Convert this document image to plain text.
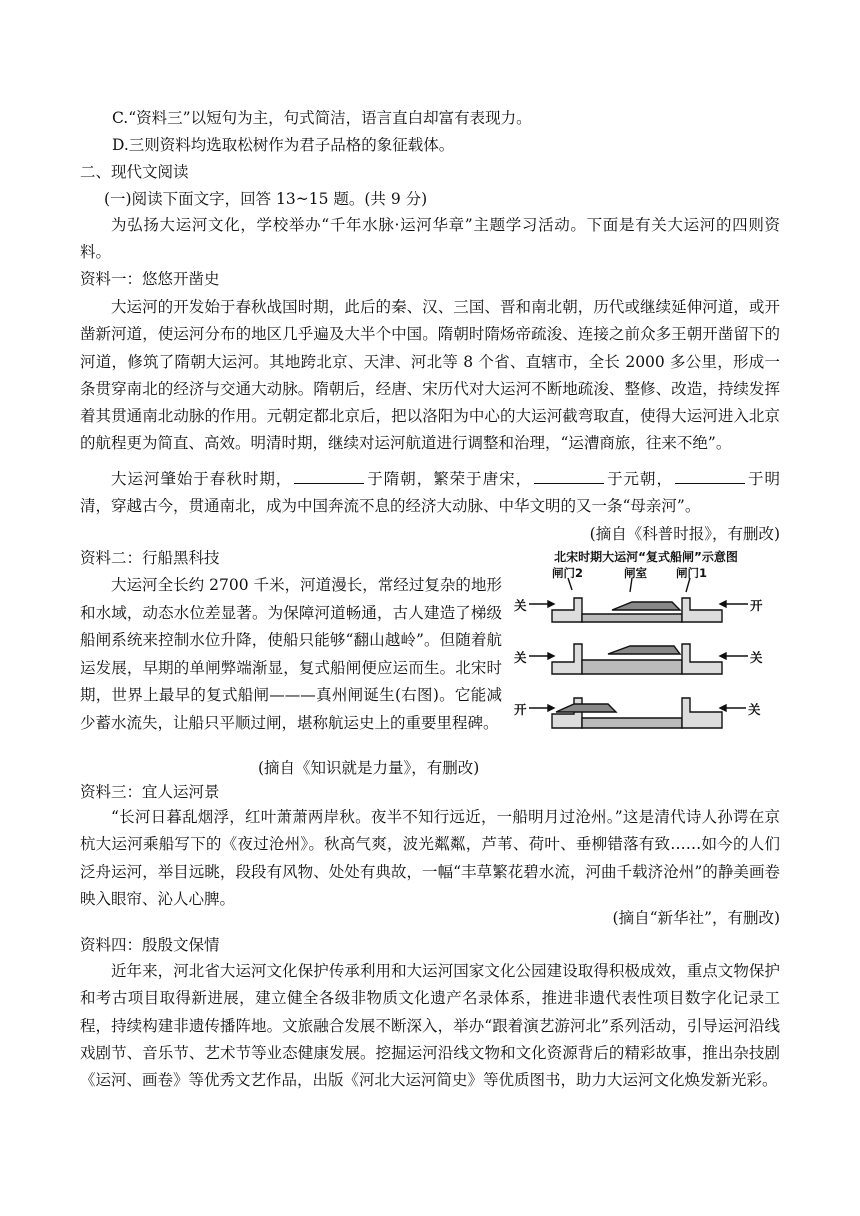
C.“资料三”以短句为主，句式简洁，语言直白却富有表现力。
D.三则资料均选取松树作为君子品格的象征载体。
二、现代文阅读
(一)阅读下面文字，回答 13~15 题。(共 9 分)

为弘扬大运河文化，学校举办“千年水脉·运河华章”主题学习活动。下面是有关大运河的四则资料。

资料一：悠悠开凿史

大运河的开发始于春秋战国时期，此后的秦、汉、三国、晋和南北朝，历代或继续延伸河道，或开凿新河道，使运河分布的地区几乎遍及大半个中国。隋朝时隋炀帝疏浚、连接之前众多王朝开凿留下的河道，修筑了隋朝大运河。其地跨北京、天津、河北等 8 个省、直辖市，全长 2000 多公里，形成一条贯穿南北的经济与交通大动脉。隋朝后，经唐、宋历代对大运河不断地疏浚、整修、改造，持续发挥着其贯通南北动脉的作用。元朝定都北京后，把以洛阳为中心的大运河截弯取直，使得大运河进入北京的航程更为简直、高效。明清时期，继续对运河航道进行调整和治理，“运漕商旅，往来不绝”。

大运河肇始于春秋时期，	于隋朝，繁荣于唐宋，	于元朝，	于明清，穿越古今，贯通南北，成为中国奔流不息的经济大动脉、中华文明的又一条“母亲河”。

(摘自《科普时报》，有删改)
资料二：行船黑科技

大运河全长约 2700 千米，河道漫长，常经过复杂的地形和水域，动态水位差显著。为保障河道畅通，古人建造了梯级船闸系统来控制水位升降，使船只能够“翻山越岭”。但随着航运发展，早期的单闸弊端渐显，复式船闸便应运而生。北宋时期，世界上最早的复式船闸———真州闸诞生(右图)。它能减少蓄水流失，让船只平顺过闸，堪称航运史上的重要里程碑。

(摘自《知识就是力量》，有删改)
北宋时期大运河“复式船闸”示意图
闸门2	闸室	闸门1
关	开
关	关
开	关
资料三：宜人运河景

“长河日暮乱烟浮，红叶萧萧两岸秋。夜半不知行远近，一船明月过沧州。”这是清代诗人孙谔在京杭大运河乘船写下的《夜过沧州》。秋高气爽，波光粼粼，芦苇、荷叶、垂柳错落有致……如今的人们泛舟运河，举目远眺，段段有风物、处处有典故，一幅“丰草繁花碧水流，河曲千载济沧州”的静美画卷映入眼帘、沁人心脾。

(摘自“新华社”，有删改)
资料四：殷殷文保情

近年来，河北省大运河文化保护传承利用和大运河国家文化公园建设取得积极成效，重点文物保护和考古项目取得新进展，建立健全各级非物质文化遗产名录体系，推进非遗代表性项目数字化记录工程，持续构建非遗传播阵地。文旅融合发展不断深入，举办“跟着演艺游河北”系列活动，引导运河沿线戏剧节、音乐节、艺术节等业态健康发展。挖掘运河沿线文物和文化资源背后的精彩故事，推出杂技剧《运河、画卷》等优秀文艺作品，出版《河北大运河简史》等优质图书，助力大运河文化焕发新光彩。
